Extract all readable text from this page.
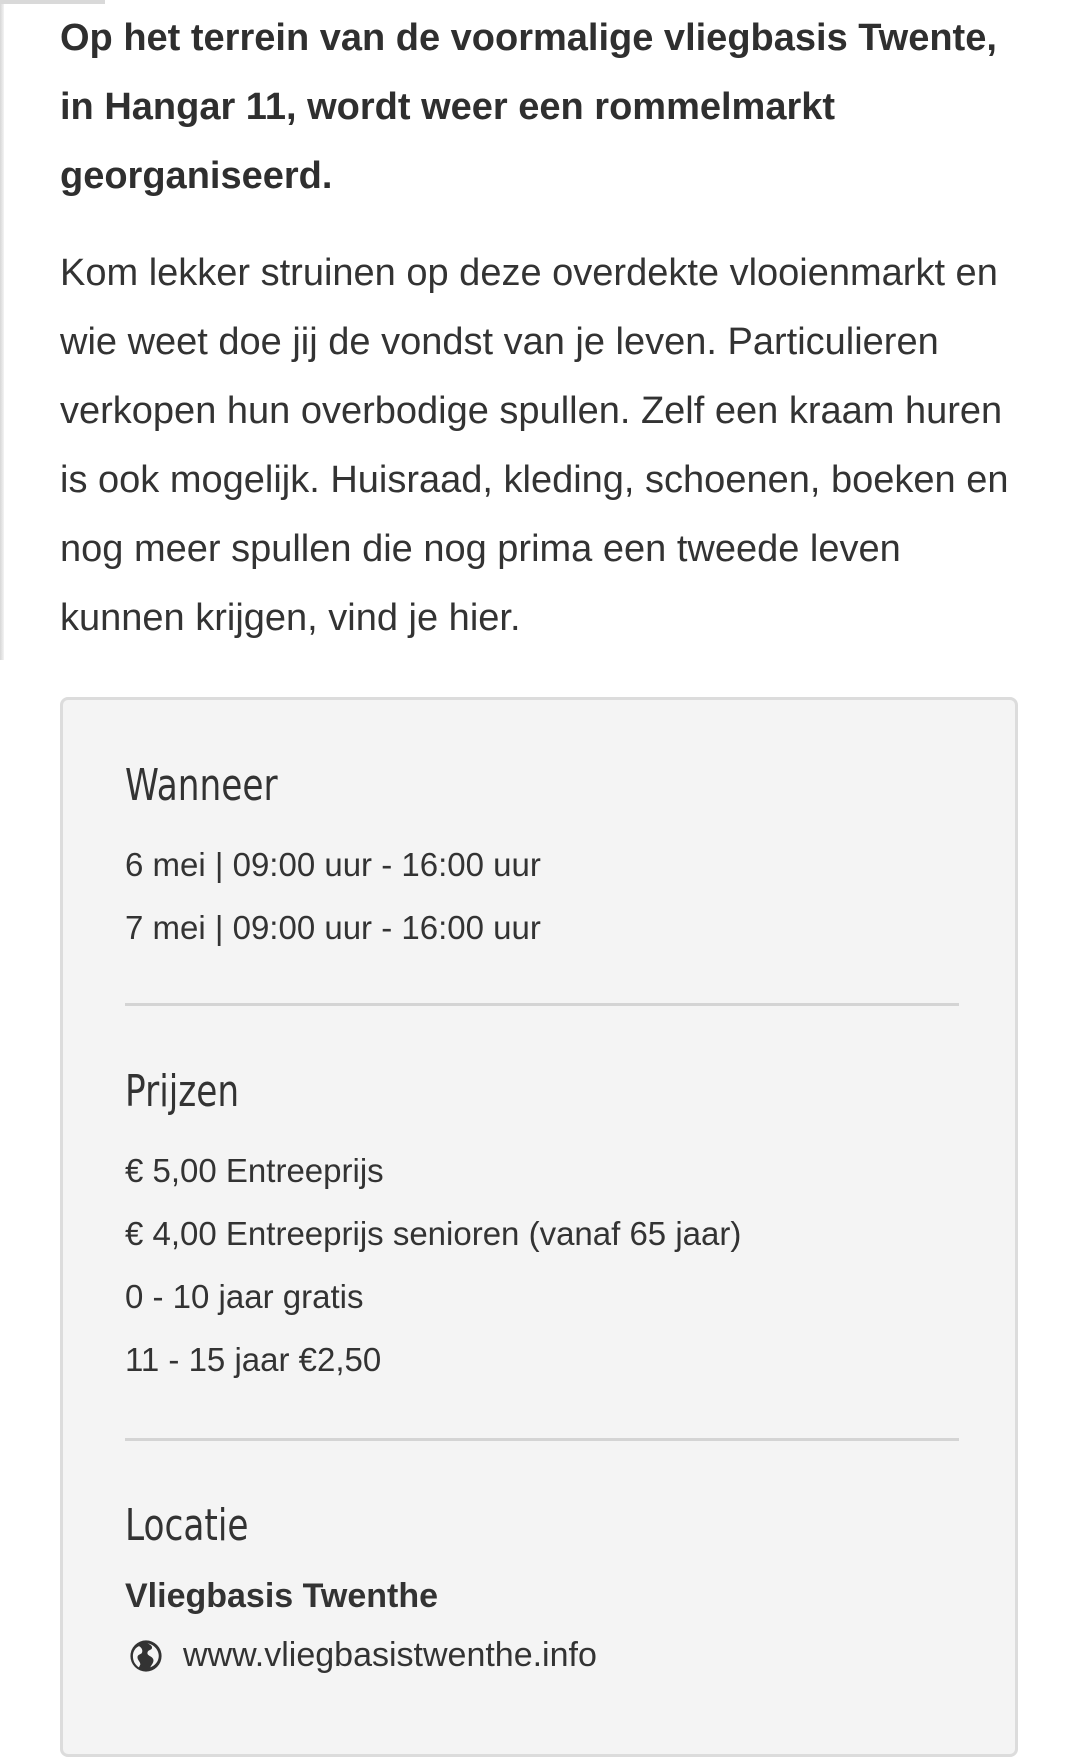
Op het terrein van de voormalige vliegbasis Twente, in Hangar 11, wordt weer een rommelmarkt georganiseerd.

Kom lekker struinen op deze overdekte vlooienmarkt en wie weet doe jij de vondst van je leven. Particulieren verkopen hun overbodige spullen. Zelf een kraam huren is ook mogelijk. Huisraad, kleding, schoenen, boeken en nog meer spullen die nog prima een tweede leven kunnen krijgen, vind je hier.

Wanneer

6 mei | 09:00 uur - 16:00 uur

7 mei | 09:00 uur - 16:00 uur

Prijzen

€ 5,00 Entreeprijs

€ 4,00 Entreeprijs senioren (vanaf 65 jaar)

0 - 10 jaar gratis

11 - 15 jaar €2,50

Locatie

Vliegbasis Twenthe

www.vliegbasistwenthe.info
